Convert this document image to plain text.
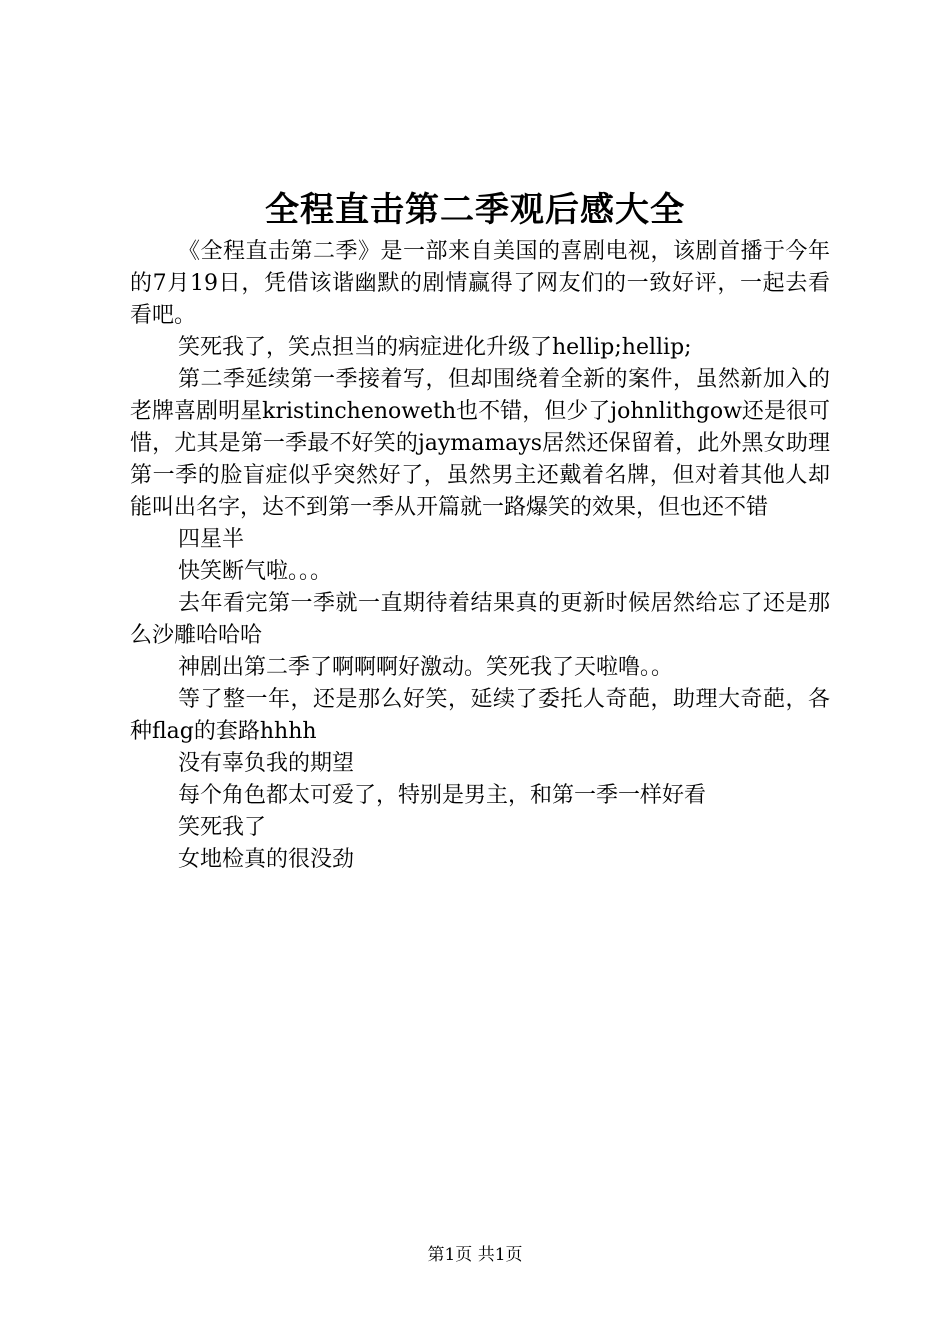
全程直击第二季观后感大全

《全程直击第二季》是一部来自美国的喜剧电视，该剧首播于今年的7月19日，凭借该谐幽默的剧情赢得了网友们的一致好评，一起去看看吧。

笑死我了，笑点担当的病症进化升级了hellip;hellip;

第二季延续第一季接着写，但却围绕着全新的案件，虽然新加入的老牌喜剧明星kristinchenoweth也不错，但少了johnlithgow还是很可惜，尤其是第一季最不好笑的jaymamays居然还保留着，此外黑女助理第一季的脸盲症似乎突然好了，虽然男主还戴着名牌，但对着其他人却能叫出名字，达不到第一季从开篇就一路爆笑的效果，但也还不错

四星半

快笑断气啦。。。

去年看完第一季就一直期待着结果真的更新时候居然给忘了还是那么沙雕哈哈哈

神剧出第二季了啊啊啊好激动。笑死我了天啦噜。。

等了整一年，还是那么好笑，延续了委托人奇葩，助理大奇葩，各种flag的套路hhhh

没有辜负我的期望

每个角色都太可爱了，特别是男主，和第一季一样好看

笑死我了

女地检真的很没劲

第1页 共1页
